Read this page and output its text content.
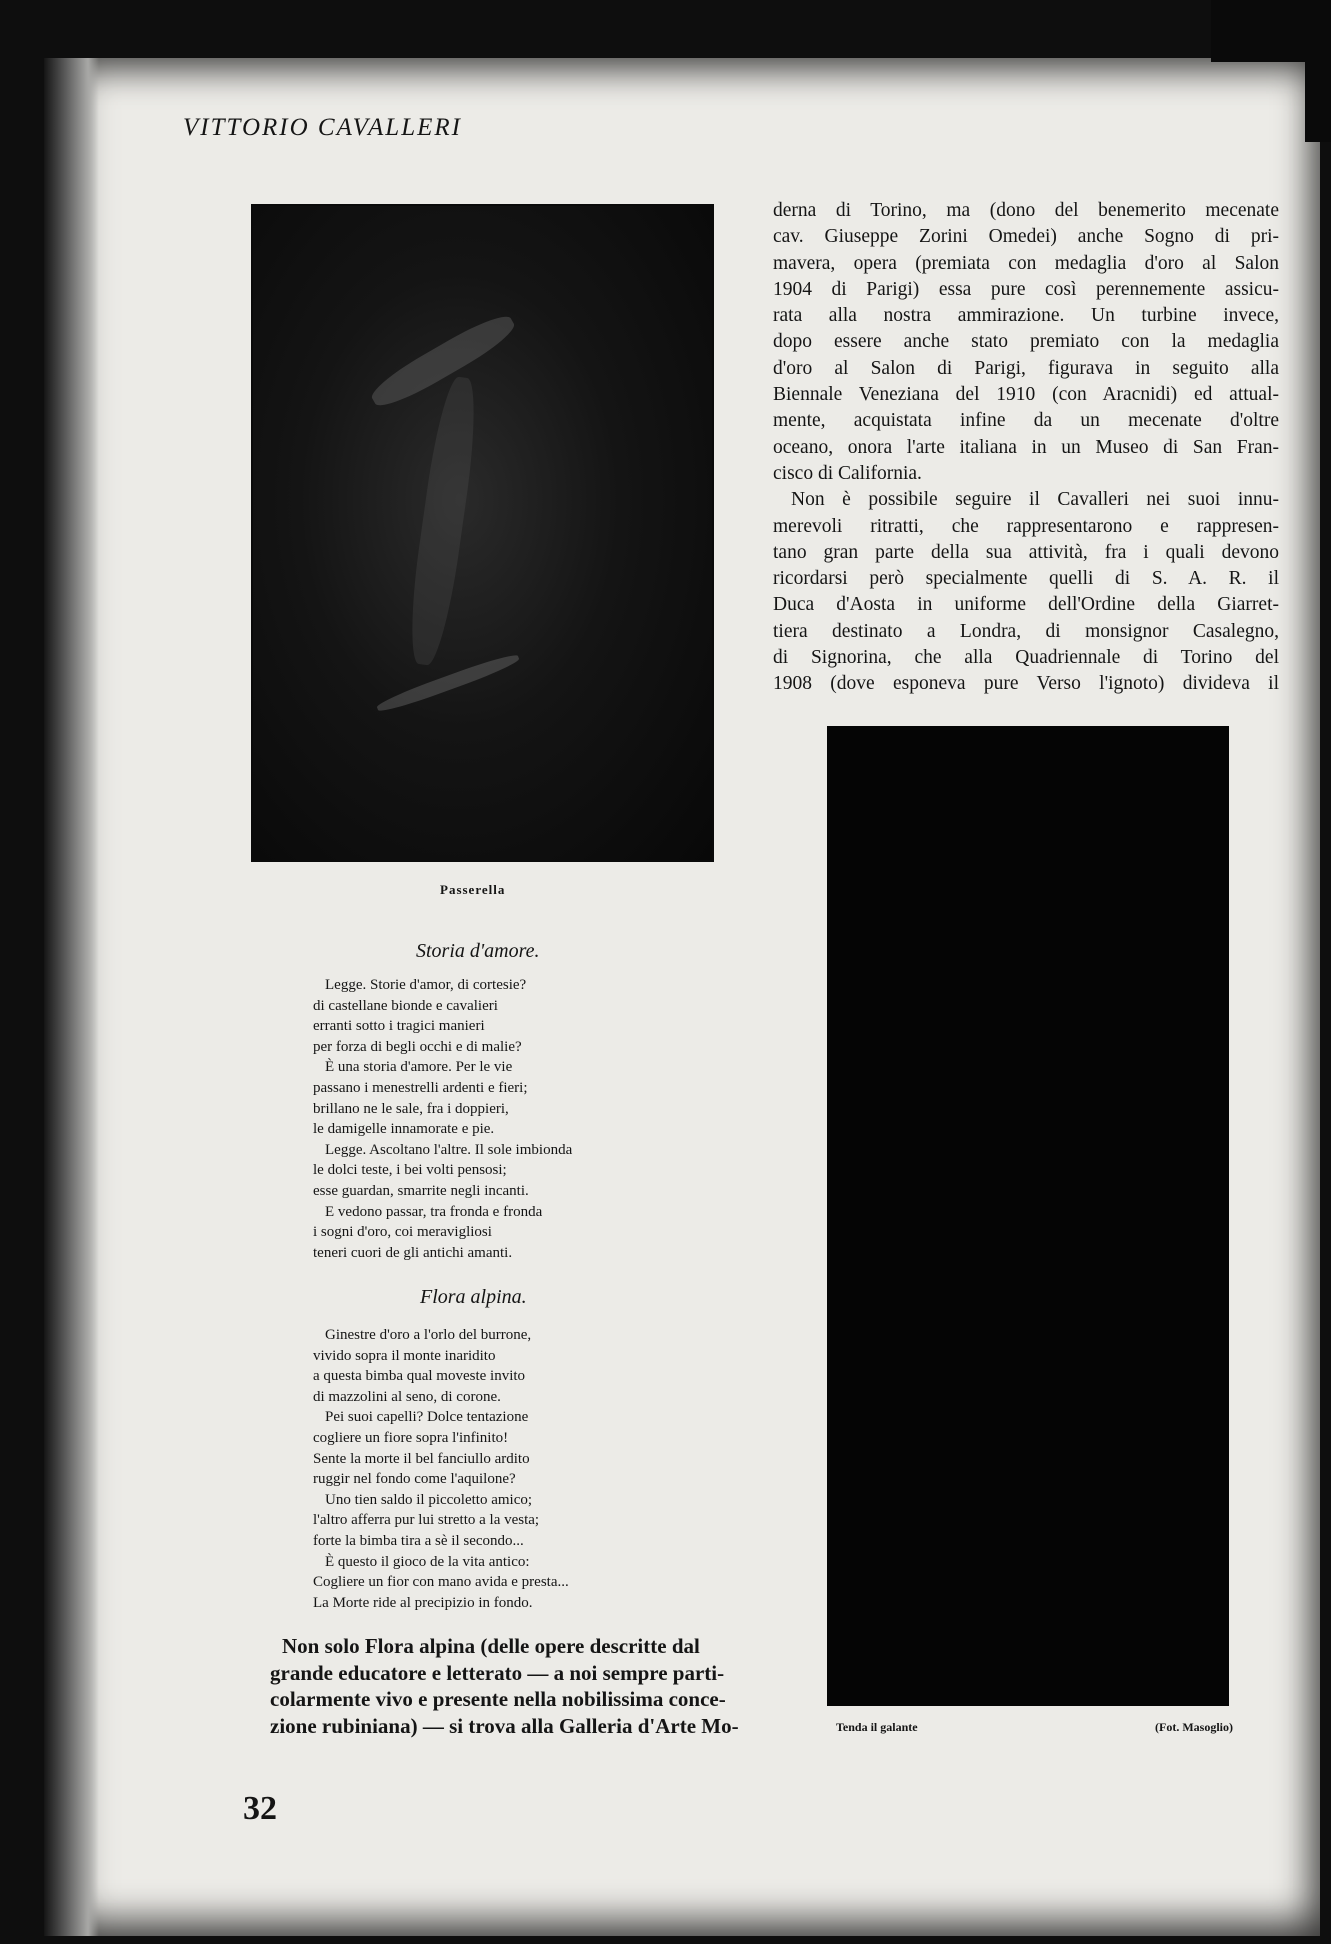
VITTORIO CAVALLERI
Passerella
Storia d'amore.
Legge. Storie d'amor, di cortesie?
di castellane bionde e cavalieri
erranti sotto i tragici manieri
per forza di begli occhi e di malie?
È una storia d'amore. Per le vie
passano i menestrelli ardenti e fieri;
brillano ne le sale, fra i doppieri,
le damigelle innamorate e pie.
Legge. Ascoltano l'altre. Il sole imbionda
le dolci teste, i bei volti pensosi;
esse guardan, smarrite negli incanti.
E vedono passar, tra fronda e fronda
i sogni d'oro, coi meravigliosi
teneri cuori de gli antichi amanti.
Flora alpina.
Ginestre d'oro a l'orlo del burrone,
vivido sopra il monte inaridito
a questa bimba qual moveste invito
di mazzolini al seno, di corone.
Pei suoi capelli? Dolce tentazione
cogliere un fiore sopra l'infinito!
Sente la morte il bel fanciullo ardito
ruggir nel fondo come l'aquilone?
Uno tien saldo il piccoletto amico;
l'altro afferra pur lui stretto a la vesta;
forte la bimba tira a sè il secondo...
È questo il gioco de la vita antico:
Cogliere un fior con mano avida e presta...
La Morte ride al precipizio in fondo.
Non solo Flora alpina (delle opere descritte dal
grande educatore e letterato — a noi sempre parti-
colarmente vivo e presente nella nobilissima conce-
zione rubiniana) — si trova alla Galleria d'Arte Mo-
derna di Torino, ma (dono del benemerito mecenate
cav. Giuseppe Zorini Omedei) anche Sogno di pri-
mavera, opera (premiata con medaglia d'oro al Salon
1904 di Parigi) essa pure così perennemente assicu-
rata alla nostra ammirazione. Un turbine invece,
dopo essere anche stato premiato con la medaglia
d'oro al Salon di Parigi, figurava in seguito alla
Biennale Veneziana del 1910 (con Aracnidi) ed attual-
mente, acquistata infine da un mecenate d'oltre
oceano, onora l'arte italiana in un Museo di San Fran-
cisco di California.
Non è possibile seguire il Cavalleri nei suoi innu-
merevoli ritratti, che rappresentarono e rappresen-
tano gran parte della sua attività, fra i quali devono
ricordarsi però specialmente quelli di S. A. R. il
Duca d'Aosta in uniforme dell'Ordine della Giarret-
tiera destinato a Londra, di monsignor Casalegno,
di Signorina, che alla Quadriennale di Torino del
1908 (dove esponeva pure Verso l'ignoto) divideva il
Tenda il galante	(Fot. Masoglio)
32
